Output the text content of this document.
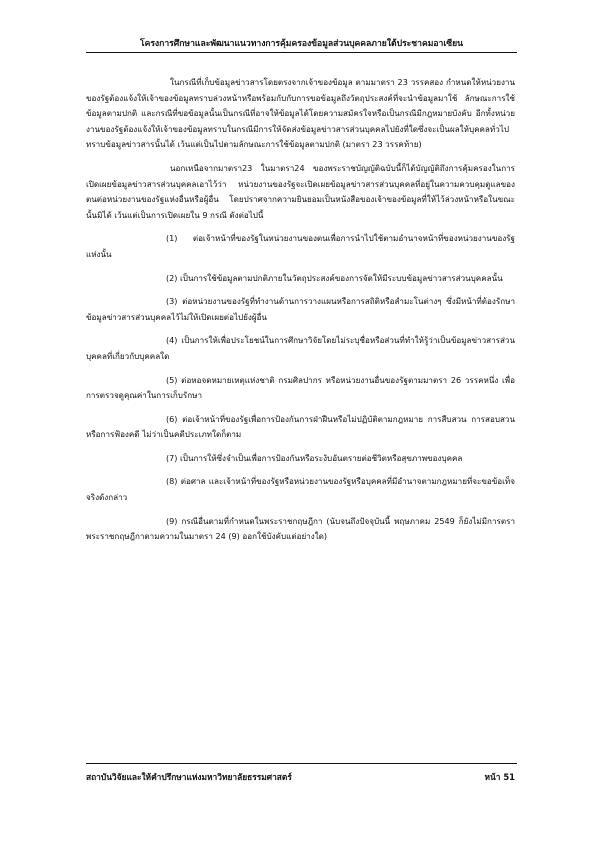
โครงการศึกษาและพัฒนาแนวทางการคุ้มครองข้อมูลส่วนบุคคลภายใต้ประชาคมอาเซียน

ในกรณีที่เก็บข้อมูลข่าวสารโดยตรงจากเจ้าของข้อมูล ตามมาตรา 23 วรรคสอง กำหนดให้หน่วยงานของรัฐต้องแจ้งให้เจ้าของข้อมูลทราบล่วงหน้าหรือพร้อมกับกับการขอข้อมูลถึงวัตถุประสงค์ที่จะนำข้อมูลมาใช้ ลักษณะการใช้ข้อมูลตามปกติ และกรณีที่ขอข้อมูลนั้นเป็นกรณีที่อาจให้ข้อมูลได้โดยความสมัครใจหรือเป็นกรณีมีกฎหมายบังคับ อีกทั้งหน่วยงานของรัฐต้องแจ้งให้เจ้าของข้อมูลทราบในกรณีมีการให้จัดส่งข้อมูลข่าวสารส่วนบุคคลไปยังที่ใดซึ่งจะเป็นผลให้บุคคลทั่วไปทราบข้อมูลข่าวสารนั้นได้ เว้นแต่เป็นไปตามลักษณะการใช้ข้อมูลตามปกติ (มาตรา 23 วรรคท้าย)

นอกเหนือจากมาตรา23 ในมาตรา24 ของพระราชบัญญัติฉบับนี้ก็ได้บัญญัติถึงการคุ้มครองในการเปิดเผยข้อมูลข่าวสารส่วนบุคคลเอาไว้ว่า หน่วยงานของรัฐจะเปิดเผยข้อมูลข่าวสารส่วนบุคคลที่อยู่ในความควบคุมดูแลของตนต่อหน่วยงานของรัฐแห่งอื่นหรือผู้อื่น โดยปราศจากความยินยอมเป็นหนังสือของเจ้าของข้อมูลที่ให้ไว้ล่วงหน้าหรือในขณะนั้นมิได้ เว้นแต่เป็นการเปิดเผยใน 9 กรณี ดังต่อไปนี้

(1) ต่อเจ้าหน้าที่ของรัฐในหน่วยงานของตนเพื่อการนำไปใช้ตามอำนาจหน้าที่ของหน่วยงานของรัฐแห่งนั้น

(2) เป็นการใช้ข้อมูลตามปกติภายในวัตถุประสงค์ของการจัดให้มีระบบข้อมูลข่าวสารส่วนบุคคลนั้น

(3) ต่อหน่วยงานของรัฐที่ทำงานด้านการวางแผนหรือการสถิติหรือสำมะโนต่างๆ ซึ่งมีหน้าที่ต้องรักษาข้อมูลข่าวสารส่วนบุคคลไว้ไม่ให้เปิดเผยต่อไปยังผู้อื่น

(4) เป็นการให้เพื่อประโยชน์ในการศึกษาวิจัยโดยไม่ระบุชื่อหรือส่วนที่ทำให้รู้ว่าเป็นข้อมูลข่าวสารส่วนบุคคลที่เกี่ยวกับบุคคลใด

(5) ต่อหอจดหมายเหตุแห่งชาติ กรมศิลปากร หรือหน่วยงานอื่นของรัฐตามมาตรา 26 วรรคหนึ่ง เพื่อการตรวจดูคุณค่าในการเก็บรักษา

(6) ต่อเจ้าหน้าที่ของรัฐเพื่อการป้องกันการฝ่าฝืนหรือไม่ปฏิบัติตามกฎหมาย การสืบสวน การสอบสวน หรือการฟ้องคดี ไม่ว่าเป็นคดีประเภทใดก็ตาม

(7) เป็นการให้ซึ่งจำเป็นเพื่อการป้องกันหรือระงับอันตรายต่อชีวิตหรือสุขภาพของบุคคล

(8) ต่อศาล และเจ้าหน้าที่ของรัฐหรือหน่วยงานของรัฐหรือบุคคลที่มีอำนาจตามกฎหมายที่จะขอข้อเท็จจริงดังกล่าว

(9) กรณีอื่นตามที่กำหนดในพระราชกฤษฎีกา (นับจนถึงปัจจุบันนี้ พฤษภาคม 2549 ก็ยังไม่มีการตราพระราชกฤษฎีกาตามความในมาตรา 24 (9) ออกใช้บังคับแต่อย่างใด)

สถาบันวิจัยและให้คำปรึกษาแห่งมหาวิทยาลัยธรรมศาสตร์	หน้า 51
